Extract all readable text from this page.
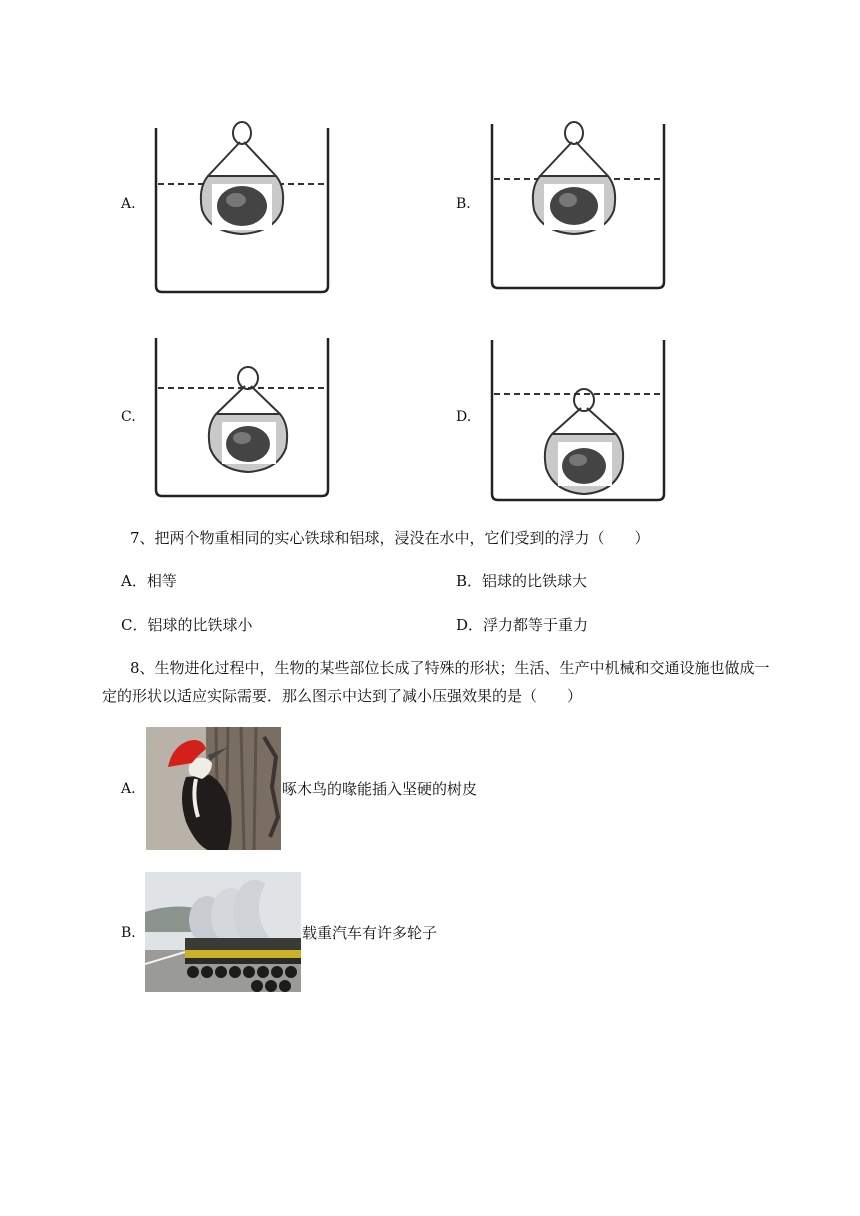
A.	B.
C.	D.
7、把两个物重相同的实心铁球和铝球，浸没在水中，它们受到的浮力（　　）
A．相等	B．铝球的比铁球大
C．铝球的比铁球小	D．浮力都等于重力
8、生物进化过程中，生物的某些部位长成了特殊的形状；生活、生产中机械和交通设施也做成一
定的形状以适应实际需要．那么图示中达到了减小压强效果的是（　　）
A.	啄木鸟的喙能插入坚硬的树皮
B.	载重汽车有许多轮子
